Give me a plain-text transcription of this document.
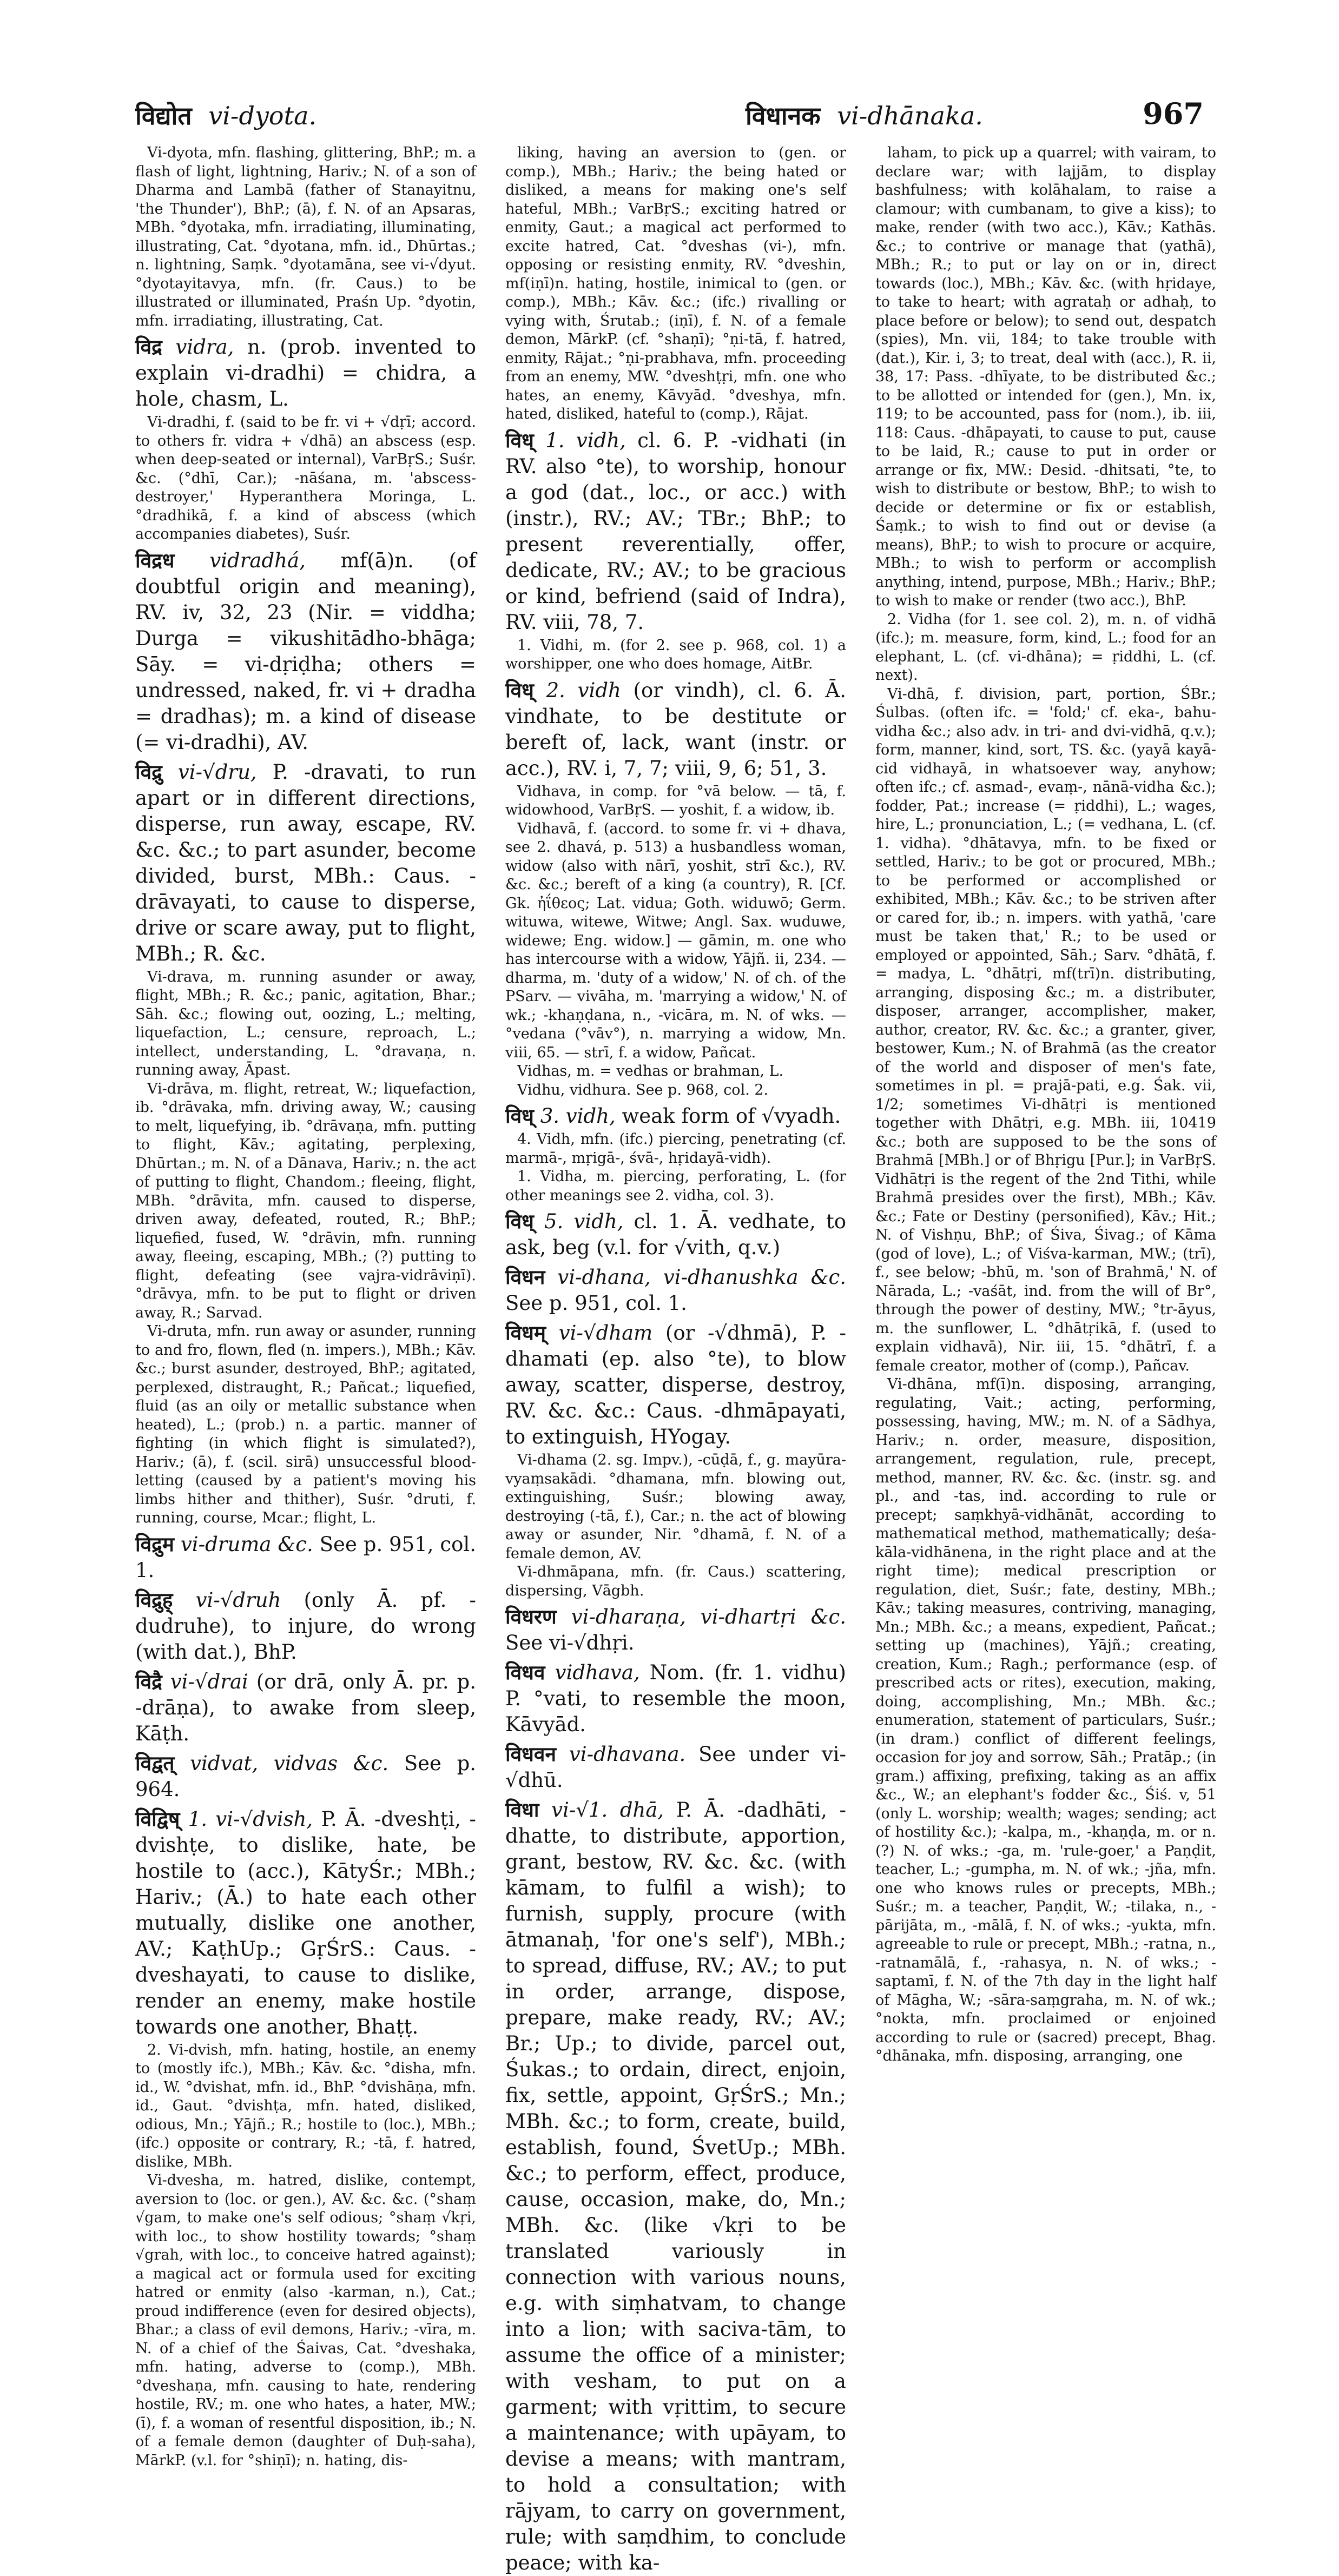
विद्योत vi-dyota.	विधानक vi-dhānaka.	967

Vi-dyota, mfn. flashing, glittering, BhP.; m. a flash of light, lightning, Hariv.; N. of a son of Dharma and Lambā (father of Stanayitnu, 'the Thunder'), BhP.; (ā), f. N. of an Apsaras, MBh. °dyotaka, mfn. irradiating, illuminating, illustrating, Cat. °dyotana, mfn. id., Dhūrtas.; n. lightning, Saṃk. °dyotamāna, see vi-√dyut. °dyotayitavya, mfn. (fr. Caus.) to be illustrated or illuminated, Praśn Up. °dyotin, mfn. irradiating, illustrating, Cat.

विद्र vidra, n. (prob. invented to explain vi-dradhi) = chidra, a hole, chasm, L.

Vi-dradhi, f. (said to be fr. vi + √dṛī; accord. to others fr. vidra + √dhā) an abscess (esp. when deep-seated or internal), VarBṛS.; Suśr. &c. (°dhī, Car.); -nāśana, m. 'abscess-destroyer,' Hyperanthera Moringa, L. °dradhikā, f. a kind of abscess (which accompanies diabetes), Suśr.

विद्रध vidradhá, mf(ā)n. (of doubtful origin and meaning), RV. iv, 32, 23 (Nir. = viddha; Durga = vikushitādho-bhāga; Sāy. = vi-dṛiḍha; others = undressed, naked, fr. vi + dradha = dradhas); m. a kind of disease (= vi-dradhi), AV.

विद्रु vi-√dru, P. -dravati, to run apart or in different directions, disperse, run away, escape, RV. &c. &c.; to part asunder, become divided, burst, MBh.: Caus. -drāvayati, to cause to disperse, drive or scare away, put to flight, MBh.; R. &c.

Vi-drava, m. running asunder or away, flight, MBh.; R. &c.; panic, agitation, Bhar.; Sāh. &c.; flowing out, oozing, L.; melting, liquefaction, L.; censure, reproach, L.; intellect, understanding, L. °dravaṇa, n. running away, Āpast.

Vi-drāva, m. flight, retreat, W.; liquefaction, ib. °drāvaka, mfn. driving away, W.; causing to melt, liquefying, ib. °drāvaṇa, mfn. putting to flight, Kāv.; agitating, perplexing, Dhūrtan.; m. N. of a Dānava, Hariv.; n. the act of putting to flight, Chandom.; fleeing, flight, MBh. °drāvita, mfn. caused to disperse, driven away, defeated, routed, R.; BhP.; liquefied, fused, W. °drāvin, mfn. running away, fleeing, escaping, MBh.; (?) putting to flight, defeating (see vajra-vidrāviṇī). °drāvya, mfn. to be put to flight or driven away, R.; Sarvad.

Vi-druta, mfn. run away or asunder, running to and fro, flown, fled (n. impers.), MBh.; Kāv. &c.; burst asunder, destroyed, BhP.; agitated, perplexed, distraught, R.; Pañcat.; liquefied, fluid (as an oily or metallic substance when heated), L.; (prob.) n. a partic. manner of fighting (in which flight is simulated?), Hariv.; (ā), f. (scil. sirā) unsuccessful blood-letting (caused by a patient's moving his limbs hither and thither), Suśr. °druti, f. running, course, Mcar.; flight, L.

विद्रुम vi-druma &c. See p. 951, col. 1.

विद्रुह् vi-√druh (only Ā. pf. -dudruhe), to injure, do wrong (with dat.), BhP.

विद्रै vi-√drai (or drā, only Ā. pr. p. -drāṇa), to awake from sleep, Kāṭh.

विद्वत् vidvat, vidvas &c. See p. 964.

विद्विष् 1. vi-√dvish, P. Ā. -dveshṭi, -dvishṭe, to dislike, hate, be hostile to (acc.), KātyŚr.; MBh.; Hariv.; (Ā.) to hate each other mutually, dislike one another, AV.; KaṭhUp.; GṛŚrS.: Caus. -dveshayati, to cause to dislike, render an enemy, make hostile towards one another, Bhaṭṭ.

2. Vi-dvish, mfn. hating, hostile, an enemy to (mostly ifc.), MBh.; Kāv. &c. °disha, mfn. id., W. °dvishat, mfn. id., BhP. °dvishāṇa, mfn. id., Gaut. °dvishṭa, mfn. hated, disliked, odious, Mn.; Yājñ.; R.; hostile to (loc.), MBh.; (ifc.) opposite or contrary, R.; -tā, f. hatred, dislike, MBh.

Vi-dvesha, m. hatred, dislike, contempt, aversion to (loc. or gen.), AV. &c. &c. (°shaṃ √gam, to make one's self odious; °shaṃ √kṛi, with loc., to show hostility towards; °shaṃ √grah, with loc., to conceive hatred against); a magical act or formula used for exciting hatred or enmity (also -karman, n.), Cat.; proud indifference (even for desired objects), Bhar.; a class of evil demons, Hariv.; -vīra, m. N. of a chief of the Śaivas, Cat. °dveshaka, mfn. hating, adverse to (comp.), MBh. °dveshaṇa, mfn. causing to hate, rendering hostile, RV.; m. one who hates, a hater, MW.; (ī), f. a woman of resentful disposition, ib.; N. of a female demon (daughter of Duḥ-saha), MārkP. (v.l. for °shiṇī); n. hating, dis-

liking, having an aversion to (gen. or comp.), MBh.; Hariv.; the being hated or disliked, a means for making one's self hateful, MBh.; VarBṛS.; exciting hatred or enmity, Gaut.; a magical act performed to excite hatred, Cat. °dveshas (vi-), mfn. opposing or resisting enmity, RV. °dveshin, mf(iṇī)n. hating, hostile, inimical to (gen. or comp.), MBh.; Kāv. &c.; (ifc.) rivalling or vying with, Śrutab.; (iṇī), f. N. of a female demon, MārkP. (cf. °shaṇī); °ṇi-tā, f. hatred, enmity, Rājat.; °ṇi-prabhava, mfn. proceeding from an enemy, MW. °dveshṭṛi, mfn. one who hates, an enemy, Kāvyād. °dveshya, mfn. hated, disliked, hateful to (comp.), Rājat.

विध् 1. vidh, cl. 6. P. -vidhati (in RV. also °te), to worship, honour a god (dat., loc., or acc.) with (instr.), RV.; AV.; TBr.; BhP.; to present reverentially, offer, dedicate, RV.; AV.; to be gracious or kind, befriend (said of Indra), RV. viii, 78, 7.

1. Vidhi, m. (for 2. see p. 968, col. 1) a worshipper, one who does homage, AitBr.

विध् 2. vidh (or vindh), cl. 6. Ā. vindhate, to be destitute or bereft of, lack, want (instr. or acc.), RV. i, 7, 7; viii, 9, 6; 51, 3.

Vidhava, in comp. for °vā below. — tā, f. widowhood, VarBṛS. — yoshit, f. a widow, ib.

Vidhavā, f. (accord. to some fr. vi + dhava, see 2. dhavá, p. 513) a husbandless woman, widow (also with nārī, yoshit, strī &c.), RV. &c. &c.; bereft of a king (a country), R. [Cf. Gk. ἠΐθεος; Lat. vidua; Goth. widuwō; Germ. wituwa, witewe, Witwe; Angl. Sax. wuduwe, widewe; Eng. widow.] — gāmin, m. one who has intercourse with a widow, Yājñ. ii, 234. — dharma, m. 'duty of a widow,' N. of ch. of the PSarv. — vivāha, m. 'marrying a widow,' N. of wk.; -khaṇḍana, n., -vicāra, m. N. of wks. — °vedana (°vāv°), n. marrying a widow, Mn. viii, 65. — strī, f. a widow, Pañcat.

Vidhas, m. = vedhas or brahman, L.

Vidhu, vidhura. See p. 968, col. 2.

विध् 3. vidh, weak form of √vyadh.

4. Vidh, mfn. (ifc.) piercing, penetrating (cf. marmā-, mṛigā-, śvā-, hṛidayā-vidh).

1. Vidha, m. piercing, perforating, L. (for other meanings see 2. vidha, col. 3).

विध् 5. vidh, cl. 1. Ā. vedhate, to ask, beg (v.l. for √vith, q.v.)

विधन vi-dhana, vi-dhanushka &c. See p. 951, col. 1.

विधम् vi-√dham (or -√dhmā), P. -dhamati (ep. also °te), to blow away, scatter, disperse, destroy, RV. &c. &c.: Caus. -dhmāpayati, to extinguish, HYogay.

Vi-dhama (2. sg. Impv.), -cūḍā, f., g. mayūra-vyaṃsakādi. °dhamana, mfn. blowing out, extinguishing, Suśr.; blowing away, destroying (-tā, f.), Car.; n. the act of blowing away or asunder, Nir. °dhamā, f. N. of a female demon, AV.

Vi-dhmāpana, mfn. (fr. Caus.) scattering, dispersing, Vāgbh.

विधरण vi-dharaṇa, vi-dhartṛi &c. See vi-√dhṛi.

विधव vidhava, Nom. (fr. 1. vidhu) P. °vati, to resemble the moon, Kāvyād.

विधवन vi-dhavana. See under vi-√dhū.

विधा vi-√1. dhā, P. Ā. -dadhāti, -dhatte, to distribute, apportion, grant, bestow, RV. &c. &c. (with kāmam, to fulfil a wish); to furnish, supply, procure (with ātmanaḥ, 'for one's self'), MBh.; to spread, diffuse, RV.; AV.; to put in order, arrange, dispose, prepare, make ready, RV.; AV.; Br.; Up.; to divide, parcel out, Śukas.; to ordain, direct, enjoin, fix, settle, appoint, GṛŚrS.; Mn.; MBh. &c.; to form, create, build, establish, found, ŚvetUp.; MBh. &c.; to perform, effect, produce, cause, occasion, make, do, Mn.; MBh. &c. (like √kṛi to be translated variously in connection with various nouns, e.g. with siṃhatvam, to change into a lion; with saciva-tām, to assume the office of a minister; with vesham, to put on a garment; with vṛittim, to secure a maintenance; with upāyam, to devise a means; with mantram, to hold a consultation; with rājyam, to carry on government, rule; with saṃdhim, to conclude peace; with ka-

laham, to pick up a quarrel; with vairam, to declare war; with lajjām, to display bashfulness; with kolāhalam, to raise a clamour; with cumbanam, to give a kiss); to make, render (with two acc.), Kāv.; Kathās. &c.; to contrive or manage that (yathā), MBh.; R.; to put or lay on or in, direct towards (loc.), MBh.; Kāv. &c. (with hṛidaye, to take to heart; with agrataḥ or adhaḥ, to place before or below); to send out, despatch (spies), Mn. vii, 184; to take trouble with (dat.), Kir. i, 3; to treat, deal with (acc.), R. ii, 38, 17: Pass. -dhīyate, to be distributed &c.; to be allotted or intended for (gen.), Mn. ix, 119; to be accounted, pass for (nom.), ib. iii, 118: Caus. -dhāpayati, to cause to put, cause to be laid, R.; cause to put in order or arrange or fix, MW.: Desid. -dhitsati, °te, to wish to distribute or bestow, BhP.; to wish to decide or determine or fix or establish, Śaṃk.; to wish to find out or devise (a means), BhP.; to wish to procure or acquire, MBh.; to wish to perform or accomplish anything, intend, purpose, MBh.; Hariv.; BhP.; to wish to make or render (two acc.), BhP.

2. Vidha (for 1. see col. 2), m. n. of vidhā (ifc.); m. measure, form, kind, L.; food for an elephant, L. (cf. vi-dhāna); = ṛiddhi, L. (cf. next).

Vi-dhā, f. division, part, portion, ŚBr.; Śulbas. (often ifc. = 'fold;' cf. eka-, bahu-vidha &c.; also adv. in tri- and dvi-vidhā, q.v.); form, manner, kind, sort, TS. &c. (yayā kayā-cid vidhayā, in whatsoever way, anyhow; often ifc.; cf. asmad-, evaṃ-, nānā-vidha &c.); fodder, Pat.; increase (= ṛiddhi), L.; wages, hire, L.; pronunciation, L.; (= vedhana, L. (cf. 1. vidha). °dhātavya, mfn. to be fixed or settled, Hariv.; to be got or procured, MBh.; to be performed or accomplished or exhibited, MBh.; Kāv. &c.; to be striven after or cared for, ib.; n. impers. with yathā, 'care must be taken that,' R.; to be used or employed or appointed, Sāh.; Sarv. °dhātā, f. = madya, L. °dhātṛi, mf(trī)n. distributing, arranging, disposing &c.; m. a distributer, disposer, arranger, accomplisher, maker, author, creator, RV. &c. &c.; a granter, giver, bestower, Kum.; N. of Brahmā (as the creator of the world and disposer of men's fate, sometimes in pl. = prajā-pati, e.g. Śak. vii, 1/2; sometimes Vi-dhātṛi is mentioned together with Dhātṛi, e.g. MBh. iii, 10419 &c.; both are supposed to be the sons of Brahmā [MBh.] or of Bhṛigu [Pur.]; in VarBṛS. Vidhātṛi is the regent of the 2nd Tithi, while Brahmā presides over the first), MBh.; Kāv. &c.; Fate or Destiny (personified), Kāv.; Hit.; N. of Vishṇu, BhP.; of Śiva, Śivag.; of Kāma (god of love), L.; of Viśva-karman, MW.; (trī), f., see below; -bhū, m. 'son of Brahmā,' N. of Nārada, L.; -vaśāt, ind. from the will of Br°, through the power of destiny, MW.; °tr-āyus, m. the sunflower, L. °dhātṛikā, f. (used to explain vidhavā), Nir. iii, 15. °dhātrī, f. a female creator, mother of (comp.), Pañcav.

Vi-dhāna, mf(ī)n. disposing, arranging, regulating, Vait.; acting, performing, possessing, having, MW.; m. N. of a Sādhya, Hariv.; n. order, measure, disposition, arrangement, regulation, rule, precept, method, manner, RV. &c. &c. (instr. sg. and pl., and -tas, ind. according to rule or precept; saṃkhyā-vidhānāt, according to mathematical method, mathematically; deśa-kāla-vidhānena, in the right place and at the right time); medical prescription or regulation, diet, Suśr.; fate, destiny, MBh.; Kāv.; taking measures, contriving, managing, Mn.; MBh. &c.; a means, expedient, Pañcat.; setting up (machines), Yājñ.; creating, creation, Kum.; Ragh.; performance (esp. of prescribed acts or rites), execution, making, doing, accomplishing, Mn.; MBh. &c.; enumeration, statement of particulars, Suśr.; (in dram.) conflict of different feelings, occasion for joy and sorrow, Sāh.; Pratāp.; (in gram.) affixing, prefixing, taking as an affix &c., W.; an elephant's fodder &c., Śiś. v, 51 (only L. worship; wealth; wages; sending; act of hostility &c.); -kalpa, m., -khaṇḍa, m. or n. (?) N. of wks.; -ga, m. 'rule-goer,' a Paṇḍit, teacher, L.; -gumpha, m. N. of wk.; -jña, mfn. one who knows rules or precepts, MBh.; Suśr.; m. a teacher, Paṇḍit, W.; -tilaka, n., -pārijāta, m., -mālā, f. N. of wks.; -yukta, mfn. agreeable to rule or precept, MBh.; -ratna, n., -ratnamālā, f., -rahasya, n. N. of wks.; -saptamī, f. N. of the 7th day in the light half of Māgha, W.; -sāra-saṃgraha, m. N. of wk.; °nokta, mfn. proclaimed or enjoined according to rule or (sacred) precept, Bhag. °dhānaka, mfn. disposing, arranging, one
